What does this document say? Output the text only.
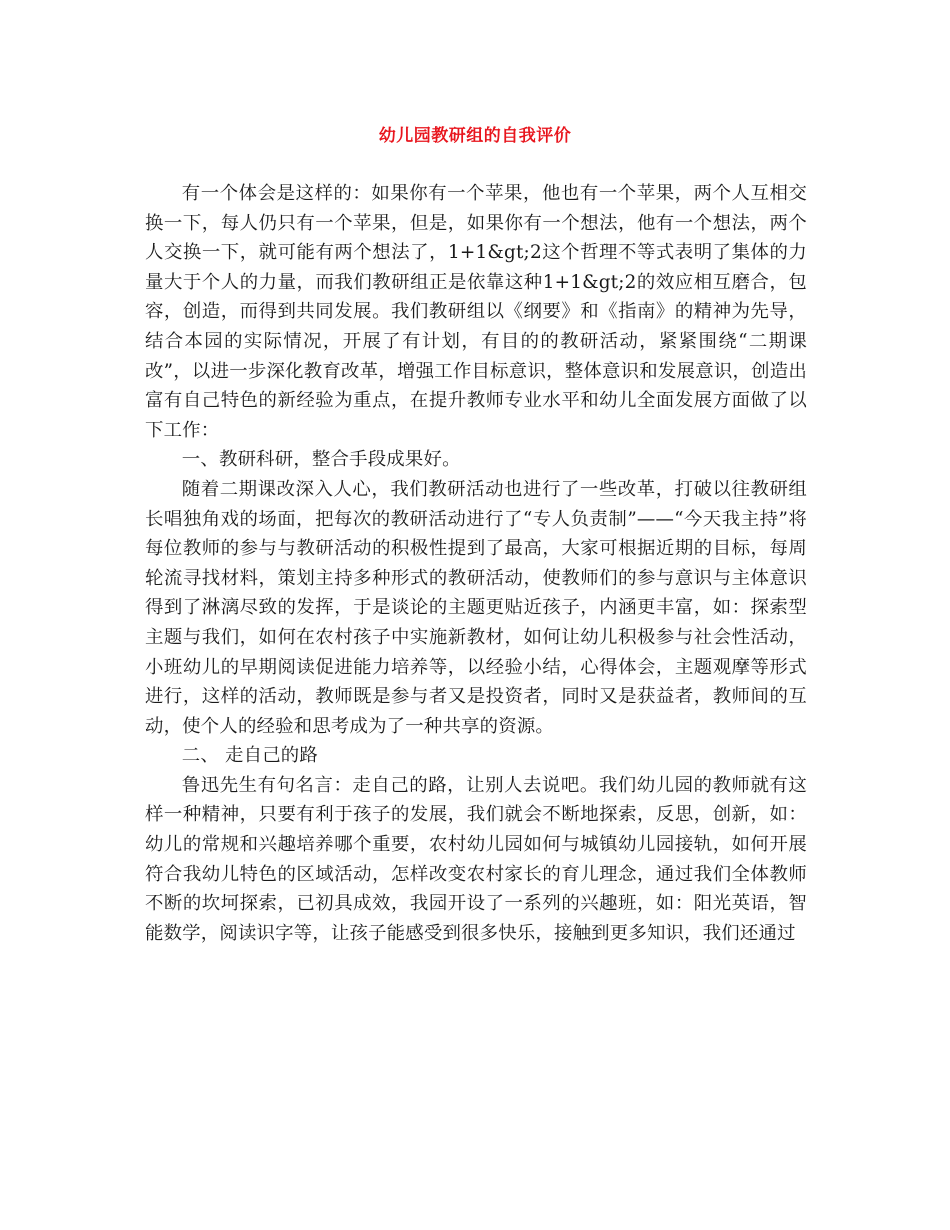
幼儿园教研组的自我评价

有一个体会是这样的：如果你有一个苹果，他也有一个苹果，两个人互相交换一下，每人仍只有一个苹果，但是，如果你有一个想法，他有一个想法，两个人交换一下，就可能有两个想法了，1+1&gt;2这个哲理不等式表明了集体的力量大于个人的力量，而我们教研组正是依靠这种1+1&gt;2的效应相互磨合，包容，创造，而得到共同发展。我们教研组以《纲要》和《指南》的精神为先导，结合本园的实际情况，开展了有计划，有目的的教研活动，紧紧围绕“二期课改”，以进一步深化教育改革，增强工作目标意识，整体意识和发展意识，创造出富有自己特色的新经验为重点，在提升教师专业水平和幼儿全面发展方面做了以下工作：

一、教研科研，整合手段成果好。

随着二期课改深入人心，我们教研活动也进行了一些改革，打破以往教研组长唱独角戏的场面，把每次的教研活动进行了“专人负责制”——“今天我主持”将每位教师的参与与教研活动的积极性提到了最高，大家可根据近期的目标，每周轮流寻找材料，策划主持多种形式的教研活动，使教师们的参与意识与主体意识得到了淋漓尽致的发挥，于是谈论的主题更贴近孩子，内涵更丰富，如：探索型主题与我们，如何在农村孩子中实施新教材，如何让幼儿积极参与社会性活动，小班幼儿的早期阅读促进能力培养等，以经验小结，心得体会，主题观摩等形式进行，这样的活动，教师既是参与者又是投资者，同时又是获益者，教师间的互动，使个人的经验和思考成为了一种共享的资源。

二、 走自己的路

鲁迅先生有句名言：走自己的路，让别人去说吧。我们幼儿园的教师就有这样一种精神，只要有利于孩子的发展，我们就会不断地探索，反思，创新，如：幼儿的常规和兴趣培养哪个重要，农村幼儿园如何与城镇幼儿园接轨，如何开展符合我幼儿特色的区域活动，怎样改变农村家长的育儿理念，通过我们全体教师不断的坎坷探索，已初具成效，我园开设了一系列的兴趣班，如：阳光英语，智能数学，阅读识字等，让孩子能感受到很多快乐，接触到更多知识，我们还通过
